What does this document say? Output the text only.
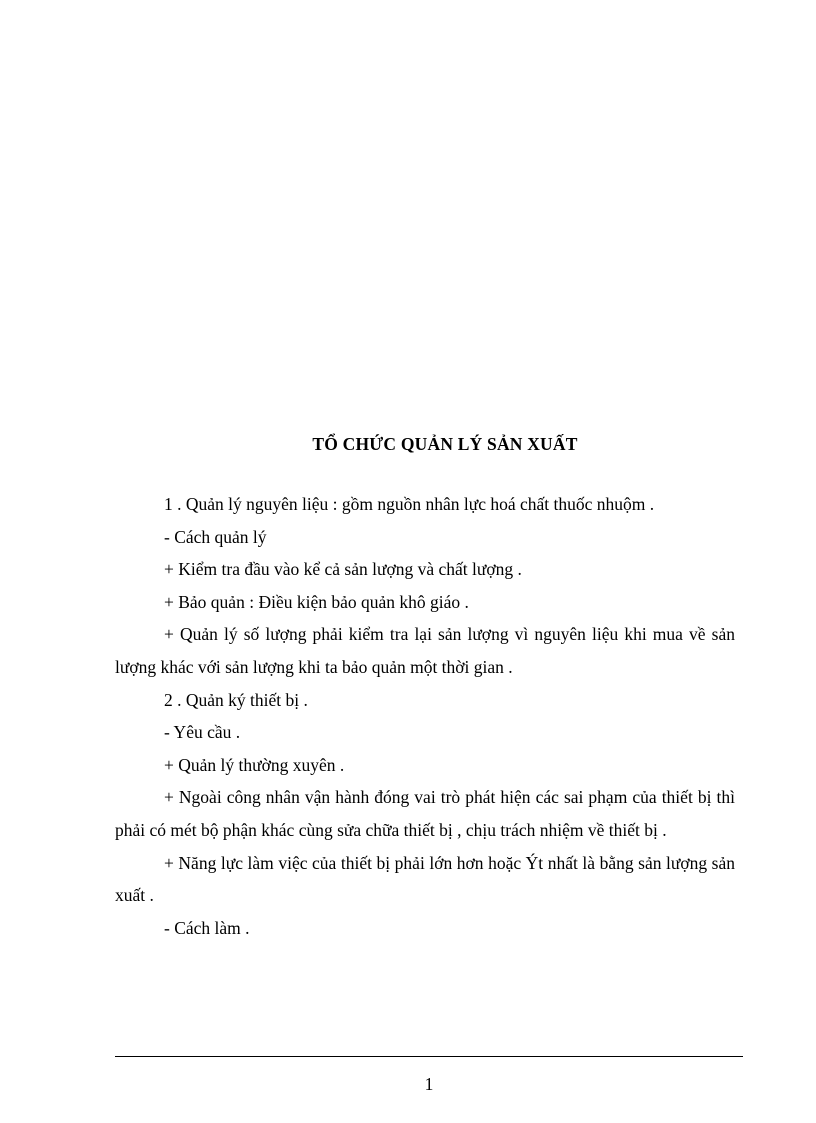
TỔ CHỨC QUẢN LÝ SẢN XUẤT

1 . Quản lý nguyên liệu : gồm nguồn nhân lực hoá chất thuốc nhuộm .

- Cách quản lý

+ Kiểm tra đầu vào kể cả sản lượng và chất lượng .

+ Bảo quản : Điều kiện bảo quản khô giáo .

+ Quản lý số lượng phải kiểm tra lại sản lượng vì nguyên liệu khi mua về sản lượng khác với sản lượng khi ta bảo quản một thời gian .

2 . Quản ký thiết bị .

- Yêu cầu .

+ Quản lý thường xuyên .

+ Ngoài công nhân vận hành đóng vai trò phát hiện các sai phạm của thiết bị thì phải có mét bộ phận khác cùng sửa chữa thiết bị , chịu trách nhiệm về thiết bị .

+ Năng lực làm việc của thiết bị phải lớn hơn hoặc Ýt nhất là bằng sản lượng sản xuất .

- Cách làm .

1
